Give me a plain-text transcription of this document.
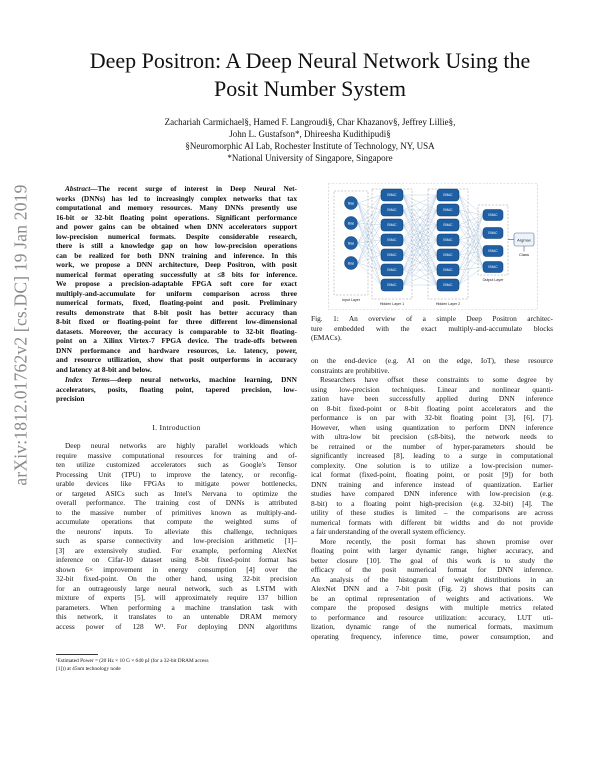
arXiv:1812.01762v2 [cs.DC] 19 Jan 2019
Deep Positron: A Deep Neural Network Using the
Posit Number System
Zachariah Carmichael§, Hamed F. Langroudi§, Char Khazanov§, Jeffrey Lillie§,
John L. Gustafson*, Dhireesha Kudithipudi§
§Neuromorphic AI Lab, Rochester Institute of Technology, NY, USA
*National University of Singapore, Singapore
Abstract—The recent surge of interest in Deep Neural Net-
works (DNNs) has led to increasingly complex networks that tax
computational and memory resources. Many DNNs presently use
16-bit or 32-bit floating point operations. Significant performance
and power gains can be obtained when DNN accelerators support
low-precision numerical formats. Despite considerable research,
there is still a knowledge gap on how low-precision operations
can be realized for both DNN training and inference. In this
work, we propose a DNN architecture, Deep Positron, with posit
numerical format operating successfully at ≤8 bits for inference.
We propose a precision-adaptable FPGA soft core for exact
multiply-and-accumulate for uniform comparison across three
numerical formats, fixed, floating-point and posit. Preliminary
results demonstrate that 8-bit posit has better accuracy than
8-bit fixed or floating-point for three different low-dimensional
datasets. Moreover, the accuracy is comparable to 32-bit floating-
point on a Xilinx Virtex-7 FPGA device. The trade-offs between
DNN performance and hardware resources, i.e. latency, power,
and resource utilization, show that posit outperforms in accuracy
and latency at 8-bit and below.
Index Terms—deep neural networks, machine learning, DNN
accelerators, posits, floating point, tapered precision, low-
precision
I. Introduction
Deep neural networks are highly parallel workloads which
require massive computational resources for training and of-
ten utilize customized accelerators such as Google's Tensor
Processing Unit (TPU) to improve the latency, or reconfig-
urable devices like FPGAs to mitigate power bottlenecks,
or targeted ASICs such as Intel's Nervana to optimize the
overall performance. The training cost of DNNs is attributed
to the massive number of primitives known as multiply-and-
accumulate operations that compute the weighted sums of
the neurons' inputs. To alleviate this challenge, techniques
such as sparse connectivity and low-precision arithmetic [1]–
[3] are extensively studied. For example, performing AlexNet
inference on Cifar-10 dataset using 8-bit fixed-point format has
shown 6× improvement in energy consumption [4] over the
32-bit fixed-point. On the other hand, using 32-bit precision
for an outrageously large neural network, such as LSTM with
mixture of experts [5], will approximately require 137 billion
parameters. When performing a machine translation task with
this network, it translates to an untenable DRAM memory
access power of 128 W¹. For deploying DNN algorithms
¹Estimated Power = (20 Hz × 10 G × 640 pJ (for a 32-bit DRAM access
[1])) at 45nm technology node
Bias
Bias
Bias
Bias
EMAC
EMAC
EMAC
EMAC
EMAC
EMAC
EMAC
EMAC
EMAC
EMAC
EMAC
EMAC
EMAC
EMAC
EMAC
EMAC
EMAC
EMAC
Argmax
Class
Input Layer
Hidden Layer 1	Hidden Layer 2
Output Layer
Fig. 1: An overview of a simple Deep Positron architec-
ture embedded with the exact multiply-and-accumulate blocks
(EMACs).
on the end-device (e.g. AI on the edge, IoT), these resource
constraints are prohibitive.
Researchers have offset these constraints to some degree by
using low-precision techniques. Linear and nonlinear quanti-
zation have been successfully applied during DNN inference
on 8-bit fixed-point or 8-bit floating point accelerators and the
performance is on par with 32-bit floating point [3], [6], [7].
However, when using quantization to perform DNN inference
with ultra-low bit precision (≤8-bits), the network needs to
be retrained or the number of hyper-parameters should be
significantly increased [8], leading to a surge in computational
complexity. One solution is to utilize a low-precision numer-
ical format (fixed-point, floating point, or posit [9]) for both
DNN training and inference instead of quantization. Earlier
studies have compared DNN inference with low-precision (e.g.
8-bit) to a floating point high-precision (e.g. 32-bit) [4]. The
utility of these studies is limited – the comparisons are across
numerical formats with different bit widths and do not provide
a fair understanding of the overall system efficiency.
More recently, the posit format has shown promise over
floating point with larger dynamic range, higher accuracy, and
better closure [10]. The goal of this work is to study the
efficacy of the posit numerical format for DNN inference.
An analysis of the histogram of weight distributions in an
AlexNet DNN and a 7-bit posit (Fig. 2) shows that posits can
be an optimal representation of weights and activations. We
compare the proposed designs with multiple metrics related
to performance and resource utilization: accuracy, LUT uti-
lization, dynamic range of the numerical formats, maximum
operating frequency, inference time, power consumption, and
